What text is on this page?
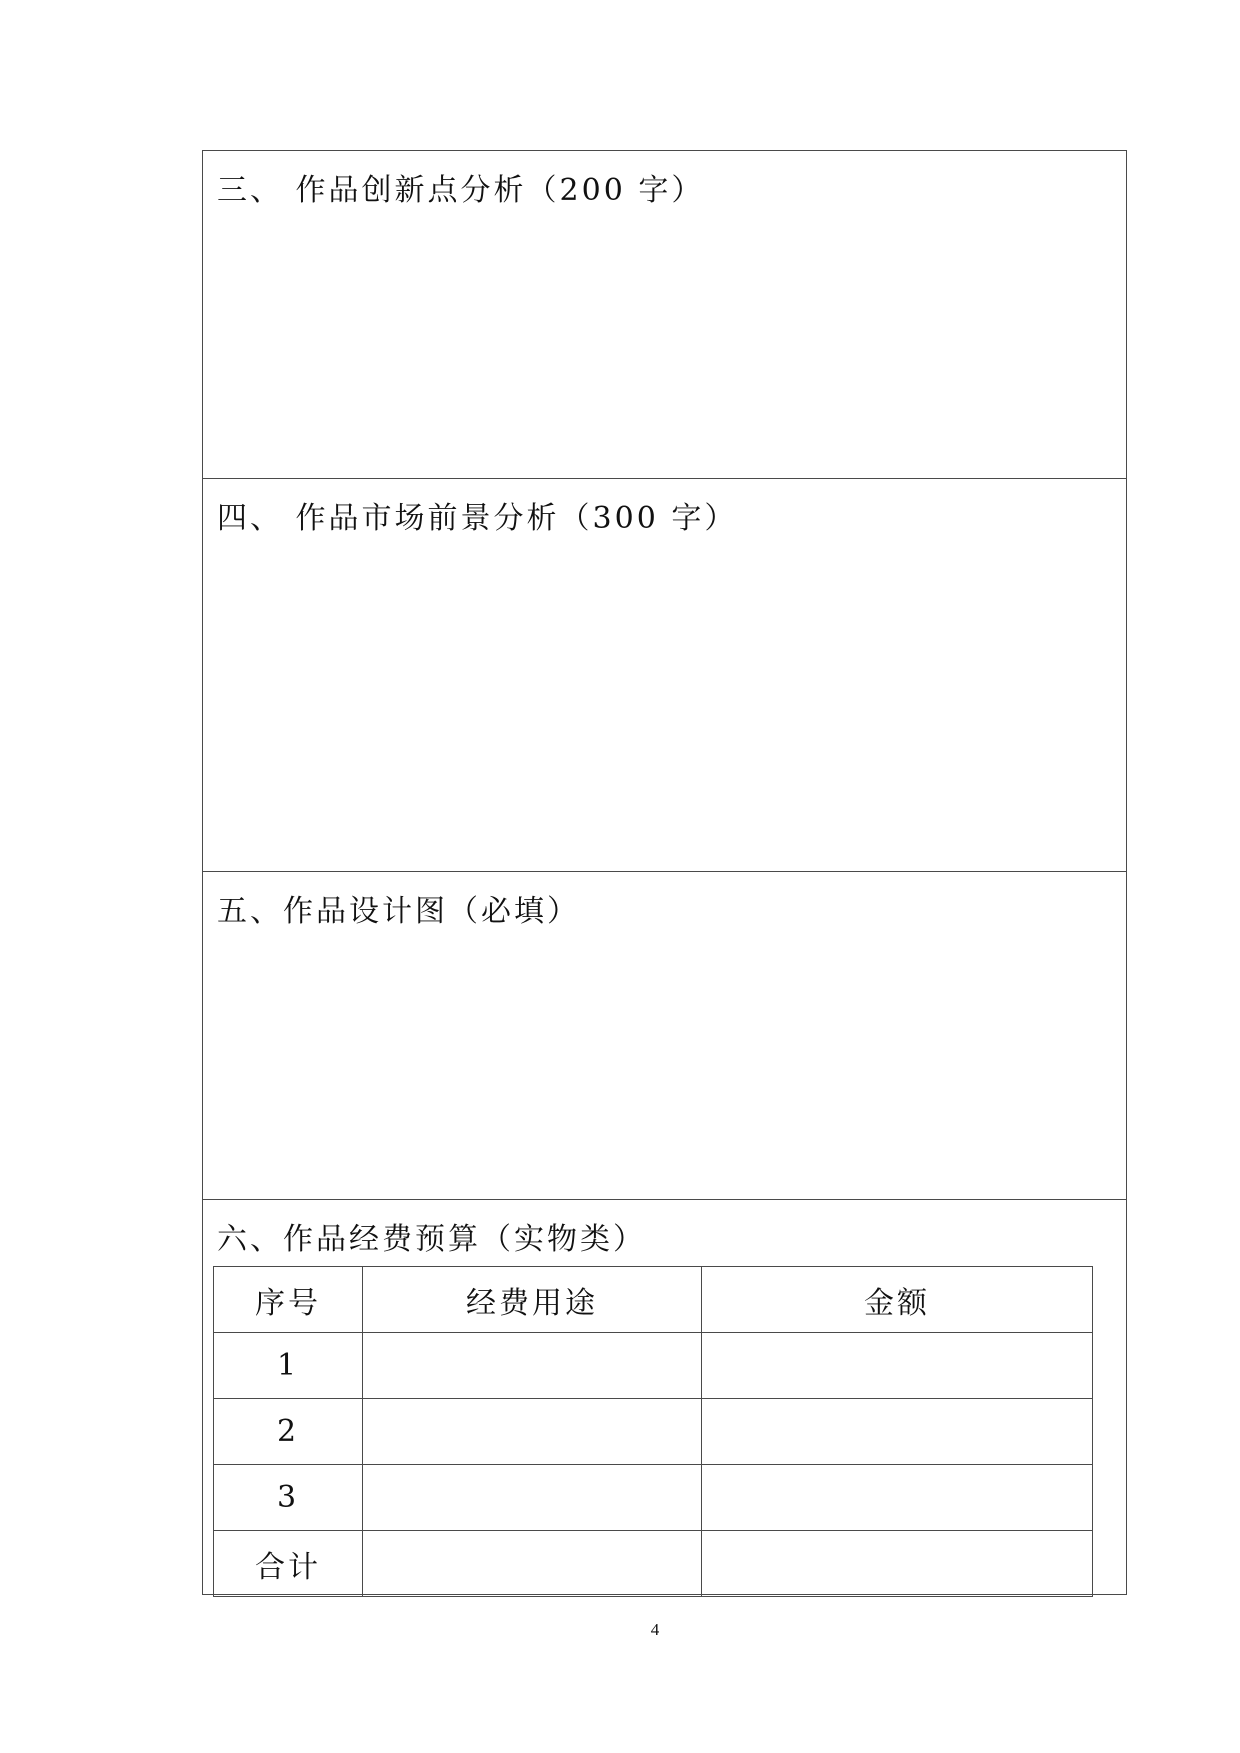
三、 作品创新点分析（200 字）
四、 作品市场前景分析（300 字）
五、作品设计图（必填）
六、作品经费预算（实物类）
序号	经费用途	金额
1		
2		
3		
合计		
4
